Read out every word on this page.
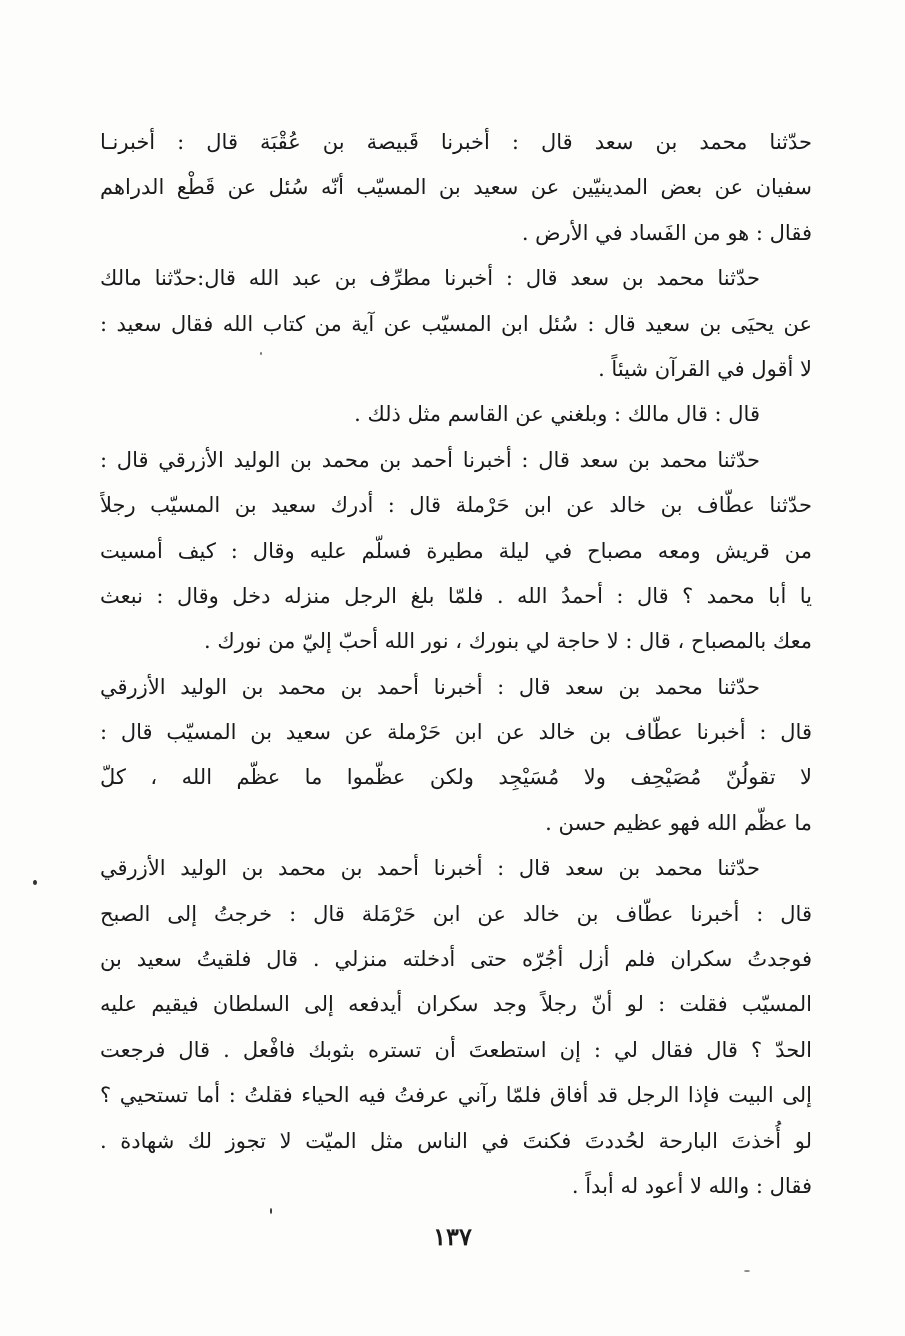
حدّثنا محمد بن سعد قال : أخبرنا قَبيصة بن عُقْبَة قال : أخبرنـا
سفيان عن بعض المدينيّين عن سعيد بن المسيّب أنّه سُئل عن قَطْع الدراهم
فقال : هو من الفَساد في الأرض .
حدّثنا محمد بن سعد قال : أخبرنا مطرِّف بن عبد الله قال:حدّثنا مالك
عن يحيَى بن سعيد قال : سُئل ابن المسيّب عن آية من كتاب الله فقال سعيد :
لا أقول في القرآن شيئاً .
قال : قال مالك : وبلغني عن القاسم مثل ذلك .
حدّثنا محمد بن سعد قال : أخبرنا أحمد بن محمد بن الوليد الأزرقي قال :
حدّثنا عطّاف بن خالد عن ابن حَرْملة قال : أدرك سعيد بن المسيّب رجلاً
من قريش ومعه مصباح في ليلة مطيرة فسلّم عليه وقال : كيف أمسيت
يا أبا محمد ؟ قال : أحمدُ الله . فلمّا بلغ الرجل منزله دخل وقال : نبعث
معك بالمصباح ، قال : لا حاجة لي بنورك ، نور الله أحبّ إليّ من نورك .
حدّثنا محمد بن سعد قال : أخبرنا أحمد بن محمد بن الوليد الأزرقي
قال : أخبرنا عطّاف بن خالد عن ابن حَرْملة عن سعيد بن المسيّب قال :
لا تقولُنّ مُصَيْحِف ولا مُسَيْجِد ولكن عظّموا ما عظّم الله ، كلّ
ما عظّم الله فهو عظيم حسن .
حدّثنا محمد بن سعد قال : أخبرنا أحمد بن محمد بن الوليد الأزرقي
قال : أخبرنا عطّاف بن خالد عن ابن حَرْمَلة قال : خرجتُ إلى الصبح
فوجدتُ سكران فلم أزل أجُرّه حتى أدخلته منزلي . قال فلقيتُ سعيد بن
المسيّب فقلت : لو أنّ رجلاً وجد سكران أيدفعه إلى السلطان فيقيم عليه
الحدّ ؟ قال فقال لي : إن استطعتَ أن تستره بثوبك فافْعل . قال فرجعت
إلى البيت فإذا الرجل قد أفاق فلمّا رآني عرفتُ فيه الحياء فقلتُ : أما تستحيي ؟
لو أُخذتَ البارحة لحُددتَ فكنتَ في الناس مثل الميّت لا تجوز لك شهادة .
فقال : والله لا أعود له أبداً .
١٣٧
